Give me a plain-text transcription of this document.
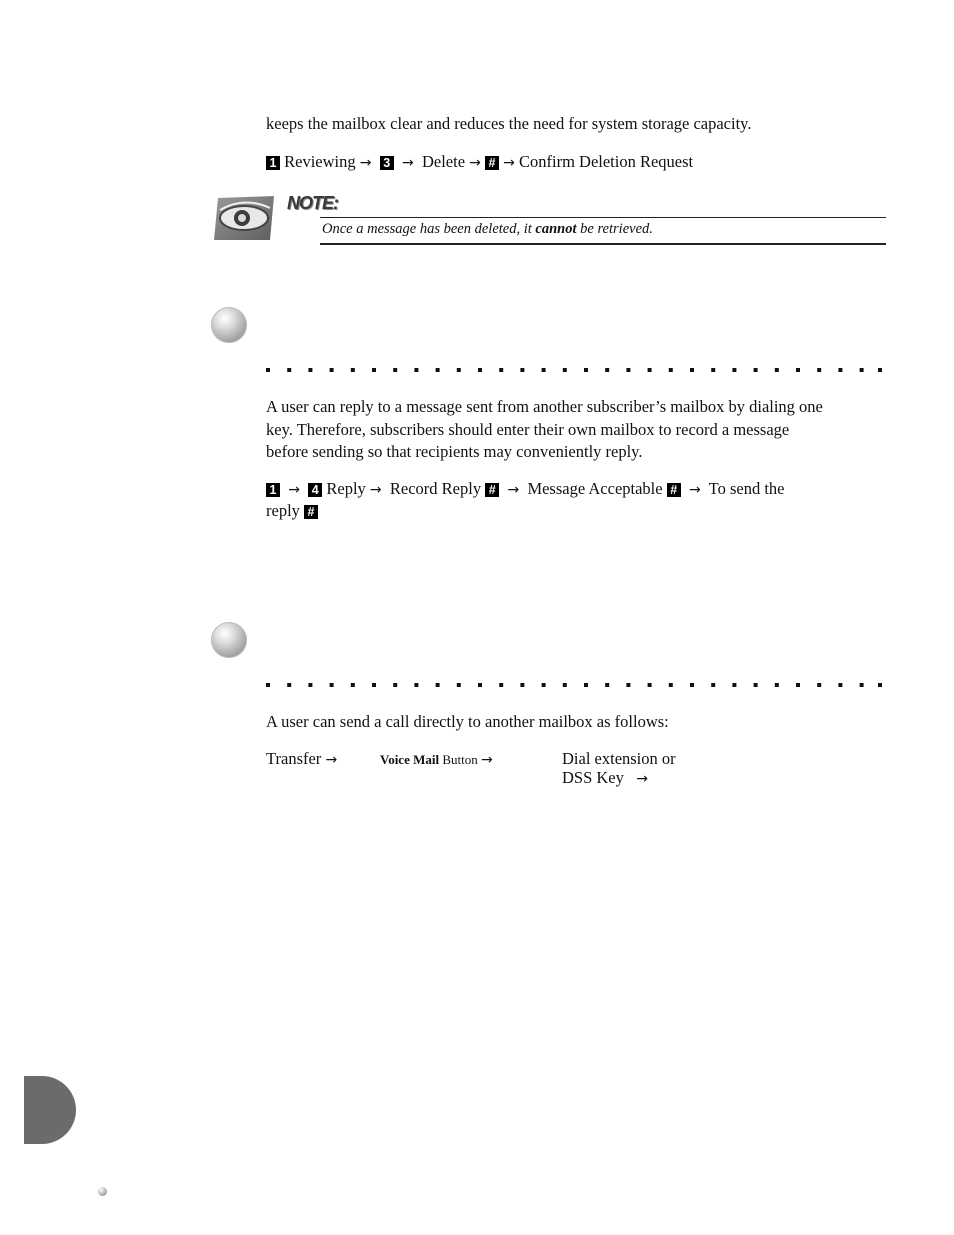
keeps the mailbox clear and reduces the need for system storage capacity.

1 Reviewing → 3 → Delete → # → Confirm Deletion Request

NOTE:
Once a message has been deleted, it cannot be retrieved.

A user can reply to a message sent from another subscriber’s mailbox by dialing one

key. Therefore, subscribers should enter their own mailbox to record a message

before sending so that recipients may conveniently reply.

1 → 4 Reply → Record Reply # → Message Acceptable # → To send the

reply #

A user can send a call directly to another mailbox as follows:

Transfer →	Voice Mail Button →	Dial extension or

DSS Key →
